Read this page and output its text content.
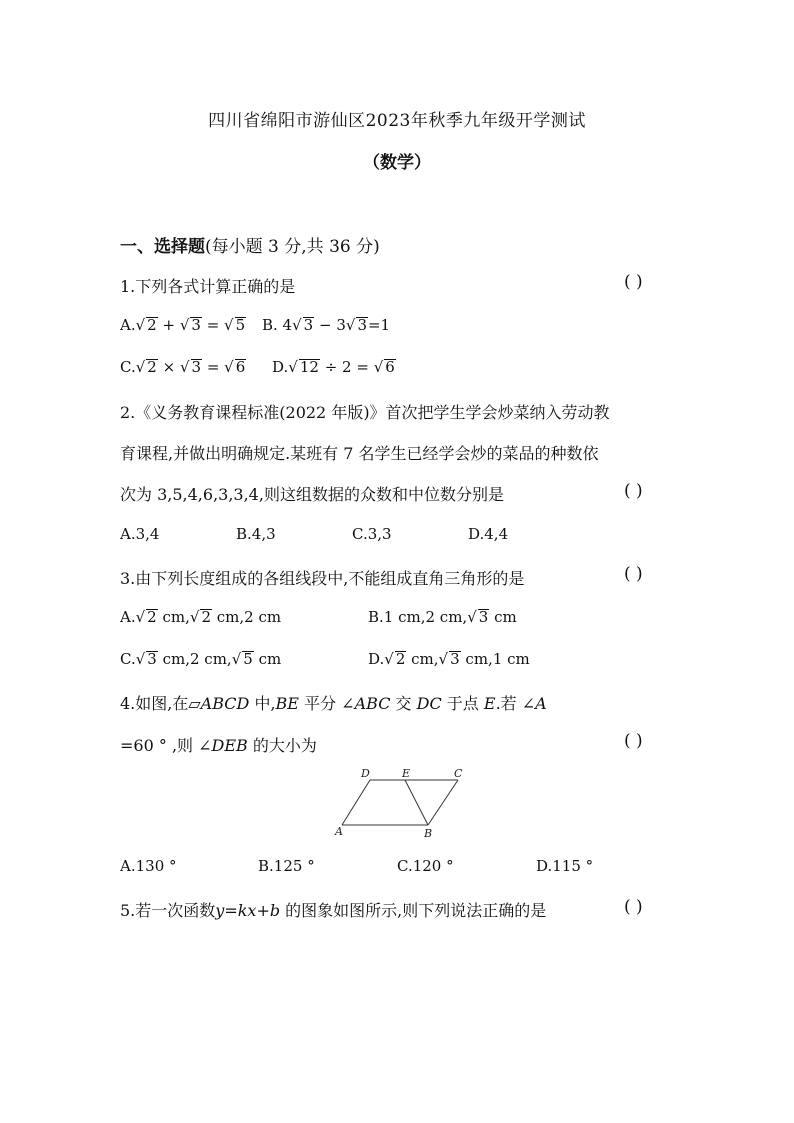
四川省绵阳市游仙区2023年秋季九年级开学测试
（数学）
一、选择题(每小题 3 分,共 36 分)
1.下列各式计算正确的是	( )
A.√ 2 + √ 3 = √ 5 B. 4√ 3 − 3√ 3=1
C.√ 2 × √ 3 = √ 6 D.√ 12 ÷ 2 = √ 6
2.《义务教育课程标准(2022 年版)》首次把学生学会炒菜纳入劳动教
育课程,并做出明确规定.某班有 7 名学生已经学会炒的菜品的种数依
次为 3,5,4,6,3,3,4,则这组数据的众数和中位数分别是	( )
A.3,4	B.4,3	C.3,3	D.4,4
3.由下列长度组成的各组线段中,不能组成直角三角形的是	( )
A.√ 2 cm,√ 2 cm,2 cm	B.1 cm,2 cm,√ 3 cm
C.√ 3 cm,2 cm,√ 5 cm	D.√ 2 cm,√ 3 cm,1 cm
4.如图,在▱ABCD 中,BE 平分 ∠ABC 交 DC 于点 E.若 ∠A
=60 ° ,则 ∠DEB 的大小为	( )
D	E	C
A	B
A.130 °	B.125 °	C.120 °	D.115 °
5.若一次函数y=kx+b 的图象如图所示,则下列说法正确的是	( )
